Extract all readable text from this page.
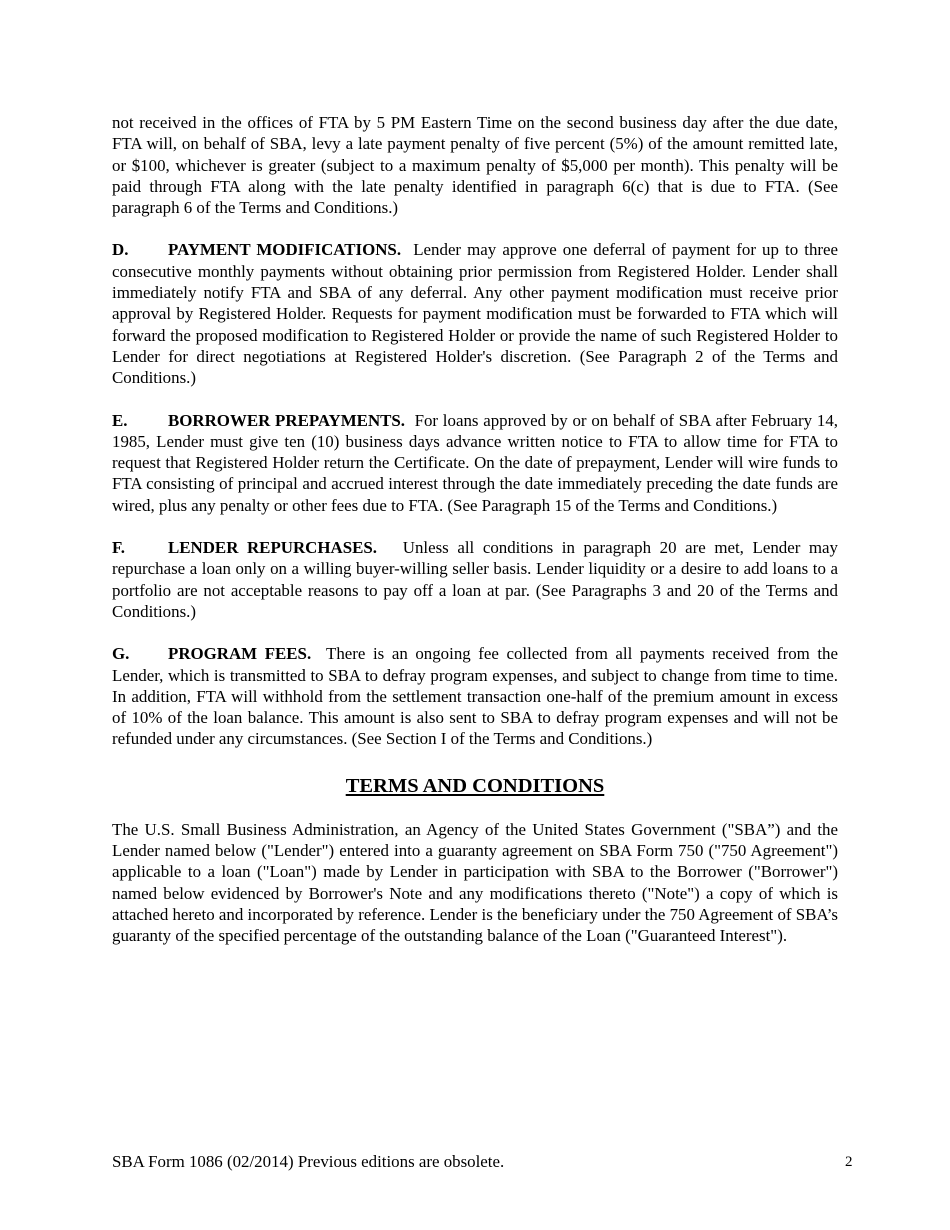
not received in the offices of FTA by 5 PM Eastern Time on the second business day after the due date, FTA will, on behalf of SBA, levy a late payment penalty of five percent (5%) of the amount remitted late, or $100, whichever is greater (subject to a maximum penalty of $5,000 per month). This penalty will be paid through FTA along with the late penalty identified in paragraph 6(c) that is due to FTA. (See paragraph 6 of the Terms and Conditions.)

D. PAYMENT MODIFICATIONS. Lender may approve one deferral of payment for up to three consecutive monthly payments without obtaining prior permission from Registered Holder. Lender shall immediately notify FTA and SBA of any deferral. Any other payment modification must receive prior approval by Registered Holder. Requests for payment modification must be forwarded to FTA which will forward the proposed modification to Registered Holder or provide the name of such Registered Holder to Lender for direct negotiations at Registered Holder's discretion. (See Paragraph 2 of the Terms and Conditions.)

E. BORROWER PREPAYMENTS. For loans approved by or on behalf of SBA after February 14, 1985, Lender must give ten (10) business days advance written notice to FTA to allow time for FTA to request that Registered Holder return the Certificate. On the date of prepayment, Lender will wire funds to FTA consisting of principal and accrued interest through the date immediately preceding the date funds are wired, plus any penalty or other fees due to FTA. (See Paragraph 15 of the Terms and Conditions.)

F.	LENDER REPURCHASES. Unless all conditions in paragraph 20 are met, Lender may repurchase a loan only on a willing buyer-willing seller basis. Lender liquidity or a desire to add loans to a portfolio are not acceptable reasons to pay off a loan at par. (See Paragraphs 3 and 20 of the Terms and Conditions.)

G. PROGRAM FEES. There is an ongoing fee collected from all payments received from the Lender, which is transmitted to SBA to defray program expenses, and subject to change from time to time. In addition, FTA will withhold from the settlement transaction one-half of the premium amount in excess of 10% of the loan balance. This amount is also sent to SBA to defray program expenses and will not be refunded under any circumstances. (See Section I of the Terms and Conditions.)

TERMS AND CONDITIONS

The U.S. Small Business Administration, an Agency of the United States Government ("SBA”) and the Lender named below ("Lender") entered into a guaranty agreement on SBA Form 750 ("750 Agreement") applicable to a loan ("Loan") made by Lender in participation with SBA to the Borrower ("Borrower") named below evidenced by Borrower's Note and any modifications thereto ("Note") a copy of which is attached hereto and incorporated by reference. Lender is the beneficiary under the 750 Agreement of SBA’s guaranty of the specified percentage of the outstanding balance of the Loan ("Guaranteed Interest").

SBA Form 1086 (02/2014) Previous editions are obsolete.	2
